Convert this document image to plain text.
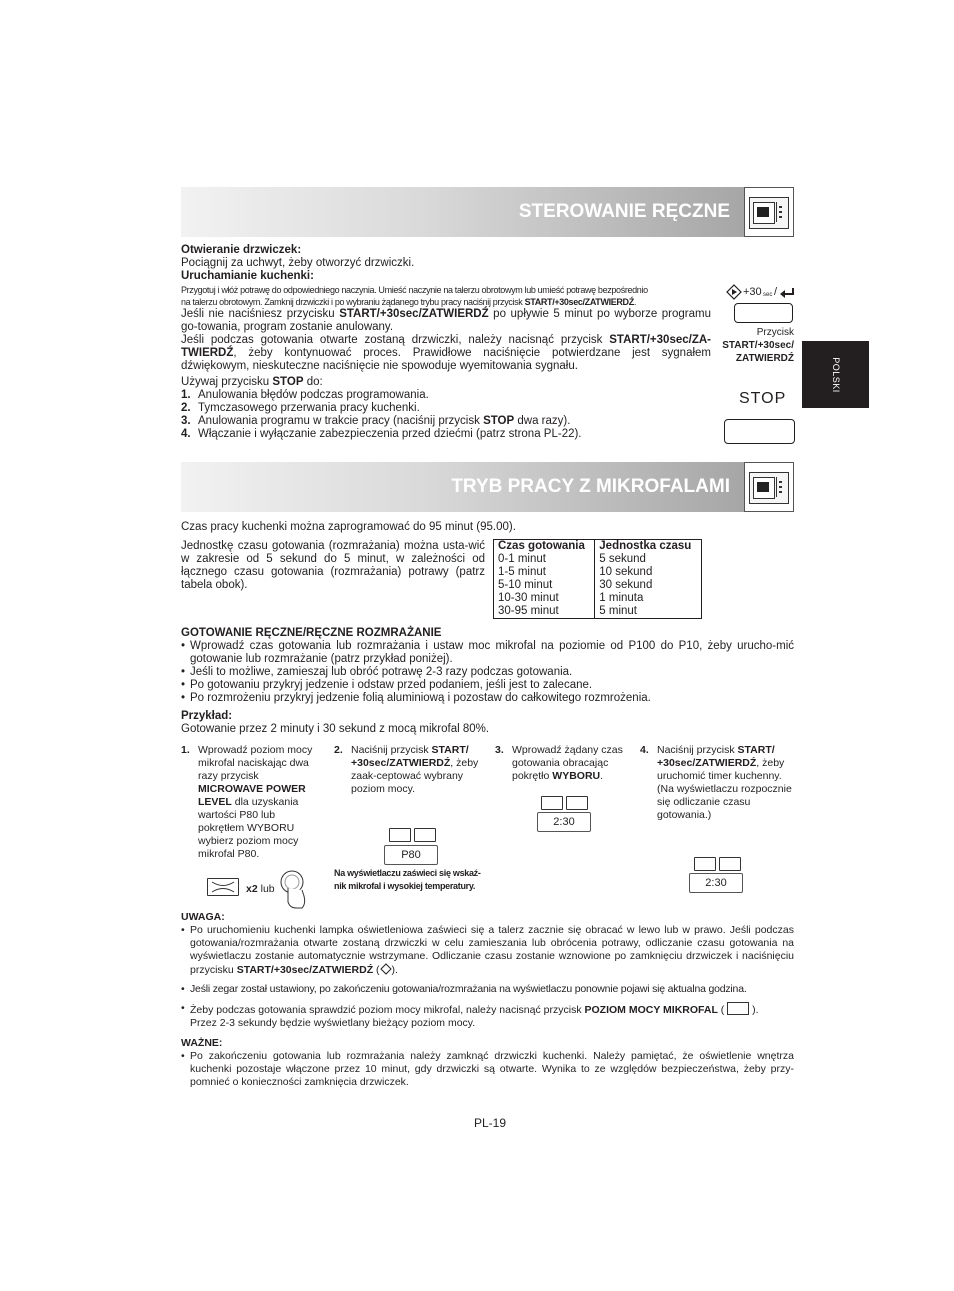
STEROWANIE RĘCZNE
POLSKI
Otwieranie drzwiczek:
Pociągnij za uchwyt, żeby otworzyć drzwiczki.
Uruchamianie kuchenki:
Przygotuj i włóż potrawę do odpowiedniego naczynia. Umieść naczynie na talerzu obrotowym lub umieść potrawę bezpośrednio
na talerzu obrotowym. Zamknij drzwiczki i po wybraniu żądanego trybu pracy naciśnij przycisk START/+30sec/ZATWIERDŹ.
Jeśli nie naciśniesz przycisku START/+30sec/ZATWIERDŹ po upływie 5 minut po wyborze programu go-towania, program zostanie anulowany.
Jeśli podczas gotowania otwarte zostaną drzwiczki, należy nacisnąć przycisk START/+30sec/ZA-TWIERDŹ, żeby kontynuować proces. Prawidłowe naciśnięcie potwierdzane jest sygnałem dźwiękowym, nieskuteczne naciśnięcie nie spowoduje wyemitowania sygnału.
Używaj przycisku STOP do:
1. Anulowania błędów podczas programowania.
2. Tymczasowego przerwania pracy kuchenki.
3. Anulowania programu w trakcie pracy (naciśnij przycisk STOP dwa razy).
4. Włączanie i wyłączanie zabezpieczenia przed dziećmi (patrz strona PL-22).
+30 sec /
Przycisk
START/+30sec/
ZATWIERDŹ
STOP
TRYB PRACY Z MIKROFALAMI
Czas pracy kuchenki można zaprogramować do 95 minut (95.00).
Jednostkę czasu gotowania (rozmrażania) można usta-wić w zakresie od 5 sekund do 5 minut, w zależności od łącznego czasu gotowania (rozmrażania) potrawy (patrz tabela obok).
Czas gotowania	Jednostka czasu
0-1 minut	5 sekund
1-5 minut	10 sekund
5-10 minut	30 sekund
10-30 minut	1 minuta
30-95 minut	5 minut
GOTOWANIE RĘCZNE/RĘCZNE ROZMRAŻANIE
• Wprowadź czas gotowania lub rozmrażania i ustaw moc mikrofal na poziomie od P100 do P10, żeby urucho-mić gotowanie lub rozmrażanie (patrz przykład poniżej).
• Jeśli to możliwe, zamieszaj lub obróć potrawę 2-3 razy podczas gotowania.
• Po gotowaniu przykryj jedzenie i odstaw przed podaniem, jeśli jest to zalecane.
• Po rozmrożeniu przykryj jedzenie folią aluminiową i pozostaw do całkowitego rozmrożenia.
Przykład:
Gotowanie przez 2 minuty i 30 sekund z mocą mikrofal 80%.
1. Wprowadź poziom mocy mikrofal naciskając dwa razy przycisk MICROWAVE POWER LEVEL dla uzyskania wartości P80 lub pokrętłem WYBORU wybierz poziom mocy mikrofal P80.
x2 lub
2. Naciśnij przycisk START/ +30sec/ZATWIERDŹ, żeby zaak-ceptować wybrany poziom mocy.
P80
Na wyświetlaczu zaświeci się wskaź-nik mikrofal i wysokiej temperatury.
3. Wprowadź żądany czas gotowania obracając pokrętło WYBORU.
2:30
4. Naciśnij przycisk START/ +30sec/ZATWIERDŹ, żeby uruchomić timer kuchenny. (Na wyświetlaczu rozpocznie się odliczanie czasu gotowania.)
2:30
UWAGA:
• Po uruchomieniu kuchenki lampka oświetleniowa zaświeci się a talerz zacznie się obracać w lewo lub w prawo. Jeśli podczas gotowania/rozmrażania otwarte zostaną drzwiczki w celu zamieszania lub obrócenia potrawy, odliczanie czasu gotowania na wyświetlaczu zostanie automatycznie wstrzymane. Odliczanie czasu zostanie wznowione po zamknięciu drzwiczek i naciśnięciu przycisku START/+30sec/ZATWIERDŹ ( ).
• Jeśli zegar został ustawiony, po zakończeniu gotowania/rozmrażania na wyświetlaczu ponownie pojawi się aktualna godzina.
• Żeby podczas gotowania sprawdzić poziom mocy mikrofal, należy nacisnąć przycisk POZIOM MOCY MIKROFAL (  ).
Przez 2-3 sekundy będzie wyświetlany bieżący poziom mocy.
WAŻNE:
• Po zakończeniu gotowania lub rozmrażania należy zamknąć drzwiczki kuchenki. Należy pamiętać, że oświetlenie wnętrza kuchenki pozostaje włączone przez 10 minut, gdy drzwiczki są otwarte. Wynika to ze względów bezpieczeństwa, żeby przy-pomnieć o konieczności zamknięcia drzwiczek.
PL-19
